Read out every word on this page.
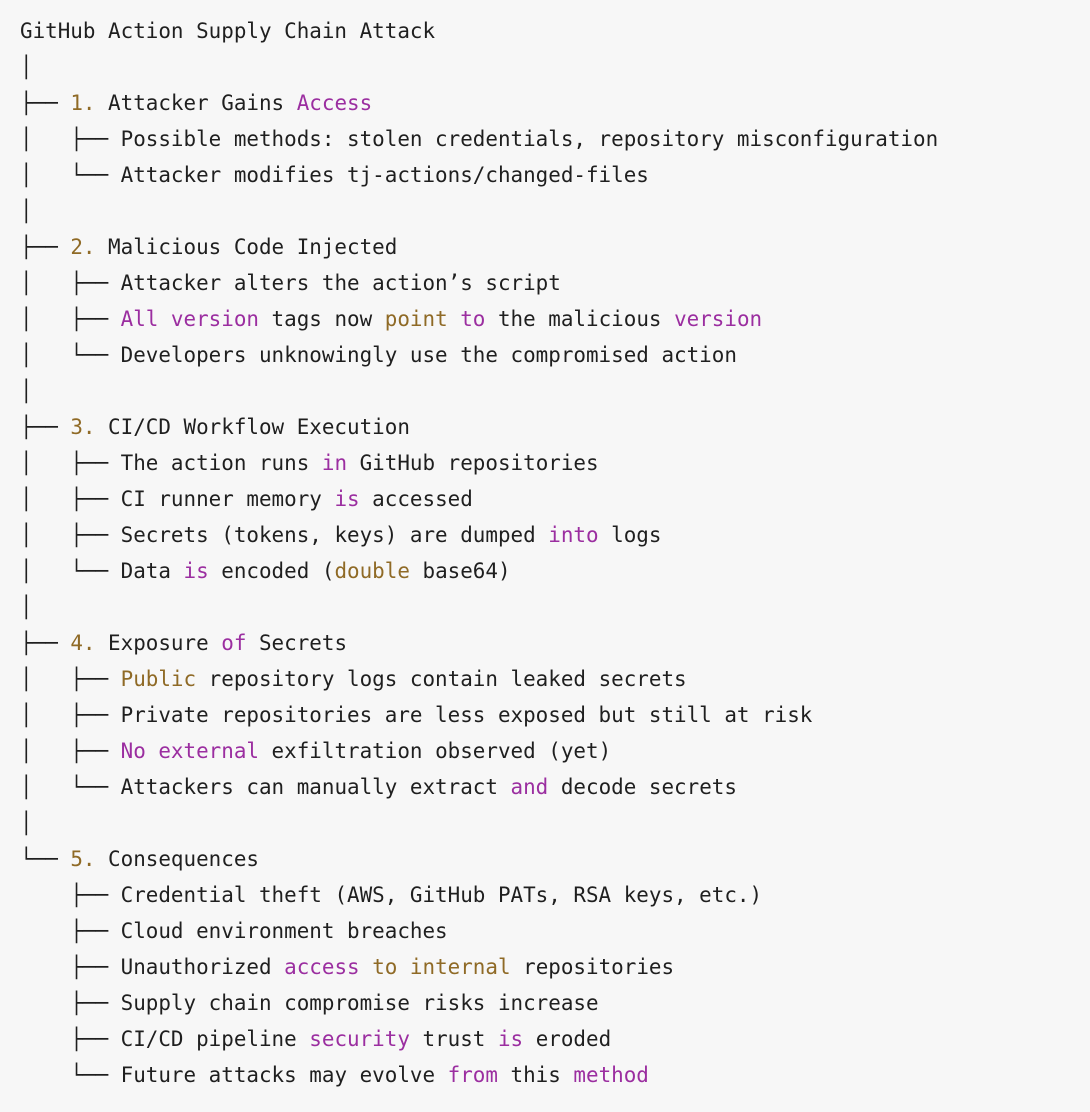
GitHub Action Supply Chain Attack
│
├── 1. Attacker Gains Access
│   ├── Possible methods: stolen credentials, repository misconfiguration
│   └── Attacker modifies tj-actions/changed-files
│
├── 2. Malicious Code Injected
│   ├── Attacker alters the action’s script
│   ├── All version tags now point to the malicious version
│   └── Developers unknowingly use the compromised action
│
├── 3. CI/CD Workflow Execution
│   ├── The action runs in GitHub repositories
│   ├── CI runner memory is accessed
│   ├── Secrets (tokens, keys) are dumped into logs
│   └── Data is encoded (double base64)
│
├── 4. Exposure of Secrets
│   ├── Public repository logs contain leaked secrets
│   ├── Private repositories are less exposed but still at risk
│   ├── No external exfiltration observed (yet)
│   └── Attackers can manually extract and decode secrets
│
└── 5. Consequences
├── Credential theft (AWS, GitHub PATs, RSA keys, etc.)
├── Cloud environment breaches
├── Unauthorized access to internal repositories
├── Supply chain compromise risks increase
├── CI/CD pipeline security trust is eroded
└── Future attacks may evolve from this method
